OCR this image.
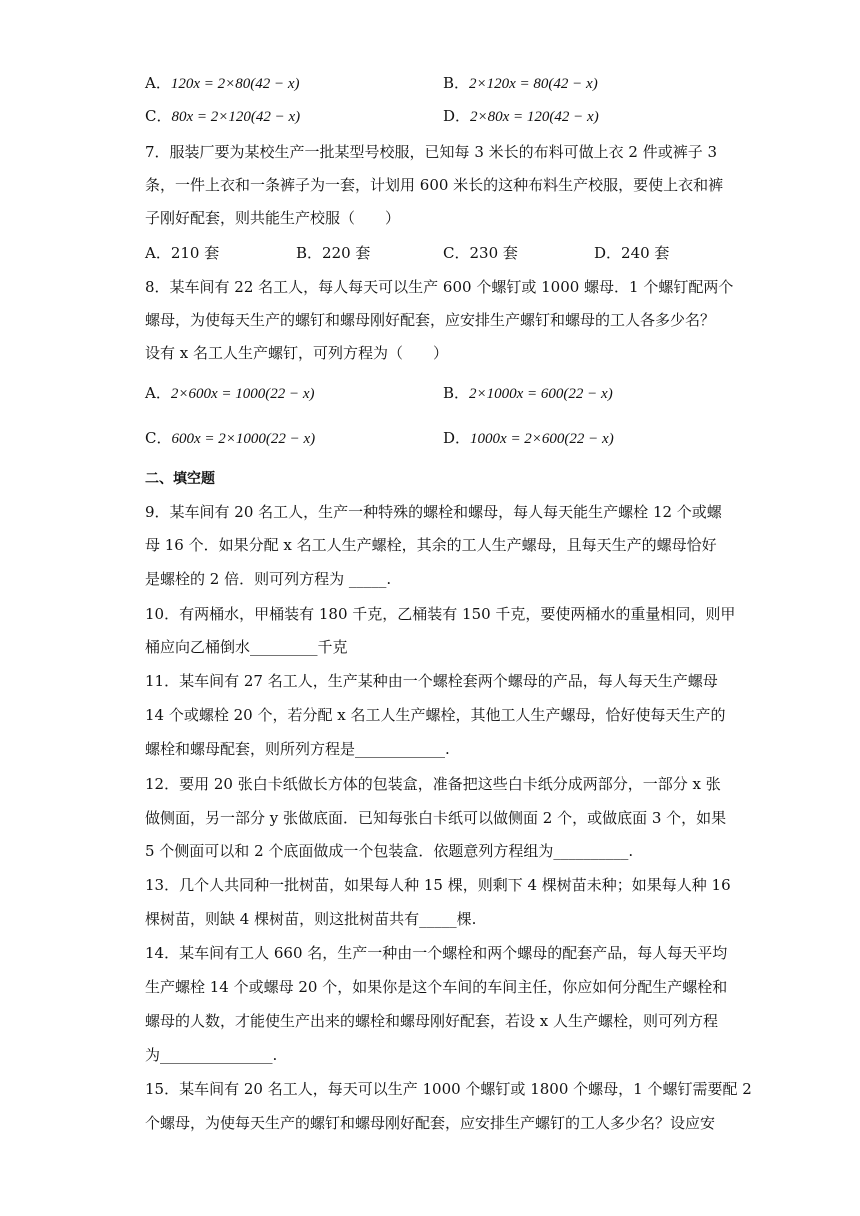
A．120x = 2×80(42 − x)	B．2×120x = 80(42 − x)
C．80x = 2×120(42 − x)	D．2×80x = 120(42 − x)
7．服装厂要为某校生产一批某型号校服，已知每 3 米长的布料可做上衣 2 件或裤子 3
条，一件上衣和一条裤子为一套，计划用 600 米长的这种布料生产校服，要使上衣和裤
子刚好配套，则共能生产校服（　　）
A．210 套	B．220 套	C．230 套	D．240 套
8．某车间有 22 名工人，每人每天可以生产 600 个螺钉或 1000 螺母．1 个螺钉配两个
螺母，为使每天生产的螺钉和螺母刚好配套，应安排生产螺钉和螺母的工人各多少名？
设有 x 名工人生产螺钉，可列方程为（　　）
A．2×600x = 1000(22 − x)	B．2×1000x = 600(22 − x)
C．600x = 2×1000(22 − x)	D．1000x = 2×600(22 − x)
二、填空题
9．某车间有 20 名工人，生产一种特殊的螺栓和螺母，每人每天能生产螺栓 12 个或螺
母 16 个．如果分配 x 名工人生产螺栓，其余的工人生产螺母，且每天生产的螺母恰好
是螺栓的 2 倍．则可列方程为 _____.
10．有两桶水，甲桶装有 180 千克，乙桶装有 150 千克，要使两桶水的重量相同，则甲
桶应向乙桶倒水_________千克
11．某车间有 27 名工人，生产某种由一个螺栓套两个螺母的产品，每人每天生产螺母
14 个或螺栓 20 个，若分配 x 名工人生产螺栓，其他工人生产螺母，恰好使每天生产的
螺栓和螺母配套，则所列方程是____________.
12．要用 20 张白卡纸做长方体的包装盒，准备把这些白卡纸分成两部分，一部分 x 张
做侧面，另一部分 y 张做底面．已知每张白卡纸可以做侧面 2 个，或做底面 3 个，如果
5 个侧面可以和 2 个底面做成一个包装盒．依题意列方程组为__________.
13．几个人共同种一批树苗，如果每人种 15 棵，则剩下 4 棵树苗未种；如果每人种 16
棵树苗，则缺 4 棵树苗，则这批树苗共有_____棵.
14．某车间有工人 660 名，生产一种由一个螺栓和两个螺母的配套产品，每人每天平均
生产螺栓 14 个或螺母 20 个，如果你是这个车间的车间主任，你应如何分配生产螺栓和
螺母的人数，才能使生产出来的螺栓和螺母刚好配套，若设 x 人生产螺栓，则可列方程
为_______________.
15．某车间有 20 名工人，每天可以生产 1000 个螺钉或 1800 个螺母，1 个螺钉需要配 2
个螺母，为使每天生产的螺钉和螺母刚好配套，应安排生产螺钉的工人多少名？设应安
